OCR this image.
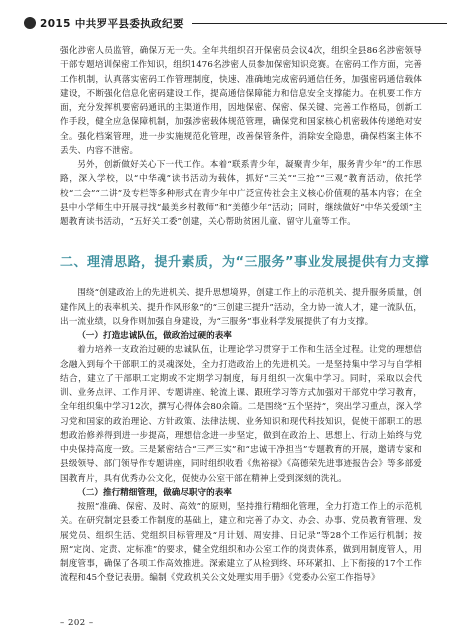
2015 中共罗平县委执政纪要

强化涉密人员监管，确保万无一失。全年共组织召开保密员会议4次，组织全县86名涉密领导干部专题培训保密工作知识，组织1476名涉密人员参加保密知识竞赛。在密码工作方面，完善工作机制，认真落实密码工作管理制度，快速、准确地完成密码通信任务，加强密码通信载体建设，不断强化信息化密码建设工作，提高通信保障能力和信息安全支撑能力。在机要工作方面，充分发挥机要密码通讯的主渠道作用，因地保密、保密、保关键、完善工作格局，创新工作手段，健全应急保障机制，加强涉密载体规范管理，确保党和国家核心机密载体传递绝对安全。强化档案管理，进一步实施规范化管理，改善保管条件，消除安全隐患，确保档案主体不丢失、内容不泄密。

另外，创新做好关心下一代工作。本着“联系青少年，凝聚青少年，服务青少年”的工作思路，深入学校，以“中华魂”读书活动为载体，抓好“三关”“三抢”“三观”教育活动，依托学校“二会”“二讲”及专栏等多种形式在青少年中广泛宣传社会主义核心价值观的基本内容；在全县中小学师生中开展寻找“最美乡村教师”和“美德少年”活动；同时，继续做好“中华关爱颂”主题教育读书活动，“五好关工委”创建，关心帮助贫困儿童、留守儿童等工作。

二、理清思路，提升素质，为“三服务”事业发展提供有力支撑

围绕“创建政治上的先进机关、提升思想境界，创建工作上的示范机关、提升服务质量，创建作风上的表率机关、提升作风形象”的“三创建三提升”活动，全力协一流人才，建一流队伍，出一流业绩，以身作则加强自身建设，为“三服务”事业科学发展提供了有力支撑。

（一）打造忠诚队伍，做政治过硬的表率

着力培养一支政治过硬的忠诚队伍，让理论学习贯穿于工作和生活全过程。让党的理想信念融入到每个干部职工的灵魂深处，全力打造政治上的先进机关。一是坚持集中学习与自学相结合，建立了干部职工定期或不定期学习制度，每月组织一次集中学习。同时，采取以会代训、业务点评、工作月评、专题讲座、轮流上课、跟班学习等方式加强对干部党中学习教育，全年组织集中学习12次，撰写心得体会80余篇。二是围绕“五个坚持”，突出学习重点，深入学习党和国家的政治理论、方针政策、法律法规、业务知识和现代科技知识，促使干部职工的思想政治修养得到进一步提高，理想信念进一步坚定，做到在政治上、思想上、行动上始终与党中央保持高度一致。三是紧密结合“三严三实”和“忠诚干净担当”专题教育的开展，邀请专家和县级领导、部门领导作专题讲座，同时组织收看《焦裕禄》《高德荣先进事迹报告会》等多部爱国教育片，具有优秀办公文化，促使办公室干部在精神上受到深刻的洗礼。

（二）推行精细管理，做确尽职守的表率

按照“准确、保密、及时、高效”的原则，坚持推行精细化管理，全力打造工作上的示范机关。在研究制定县委工作制度的基础上，建立和完善了办文、办会、办事、党员教育管理、发展党员、组织生活、党组织目标管理及“月计划、周安排、日记录”等28个工作运行机制；按照“定岗、定责、定标准”的要求，健全党组织和办公室工作的岗责体系，做到用制度管人，用制度管事，确保了各项工作高效推进。深索建立了从检到终、环环紧扣、上下衔接的17个工作流程和45个登记表册。编制《党政机关公文处理实用手册》《党委办公室工作指导》

– 202 –
